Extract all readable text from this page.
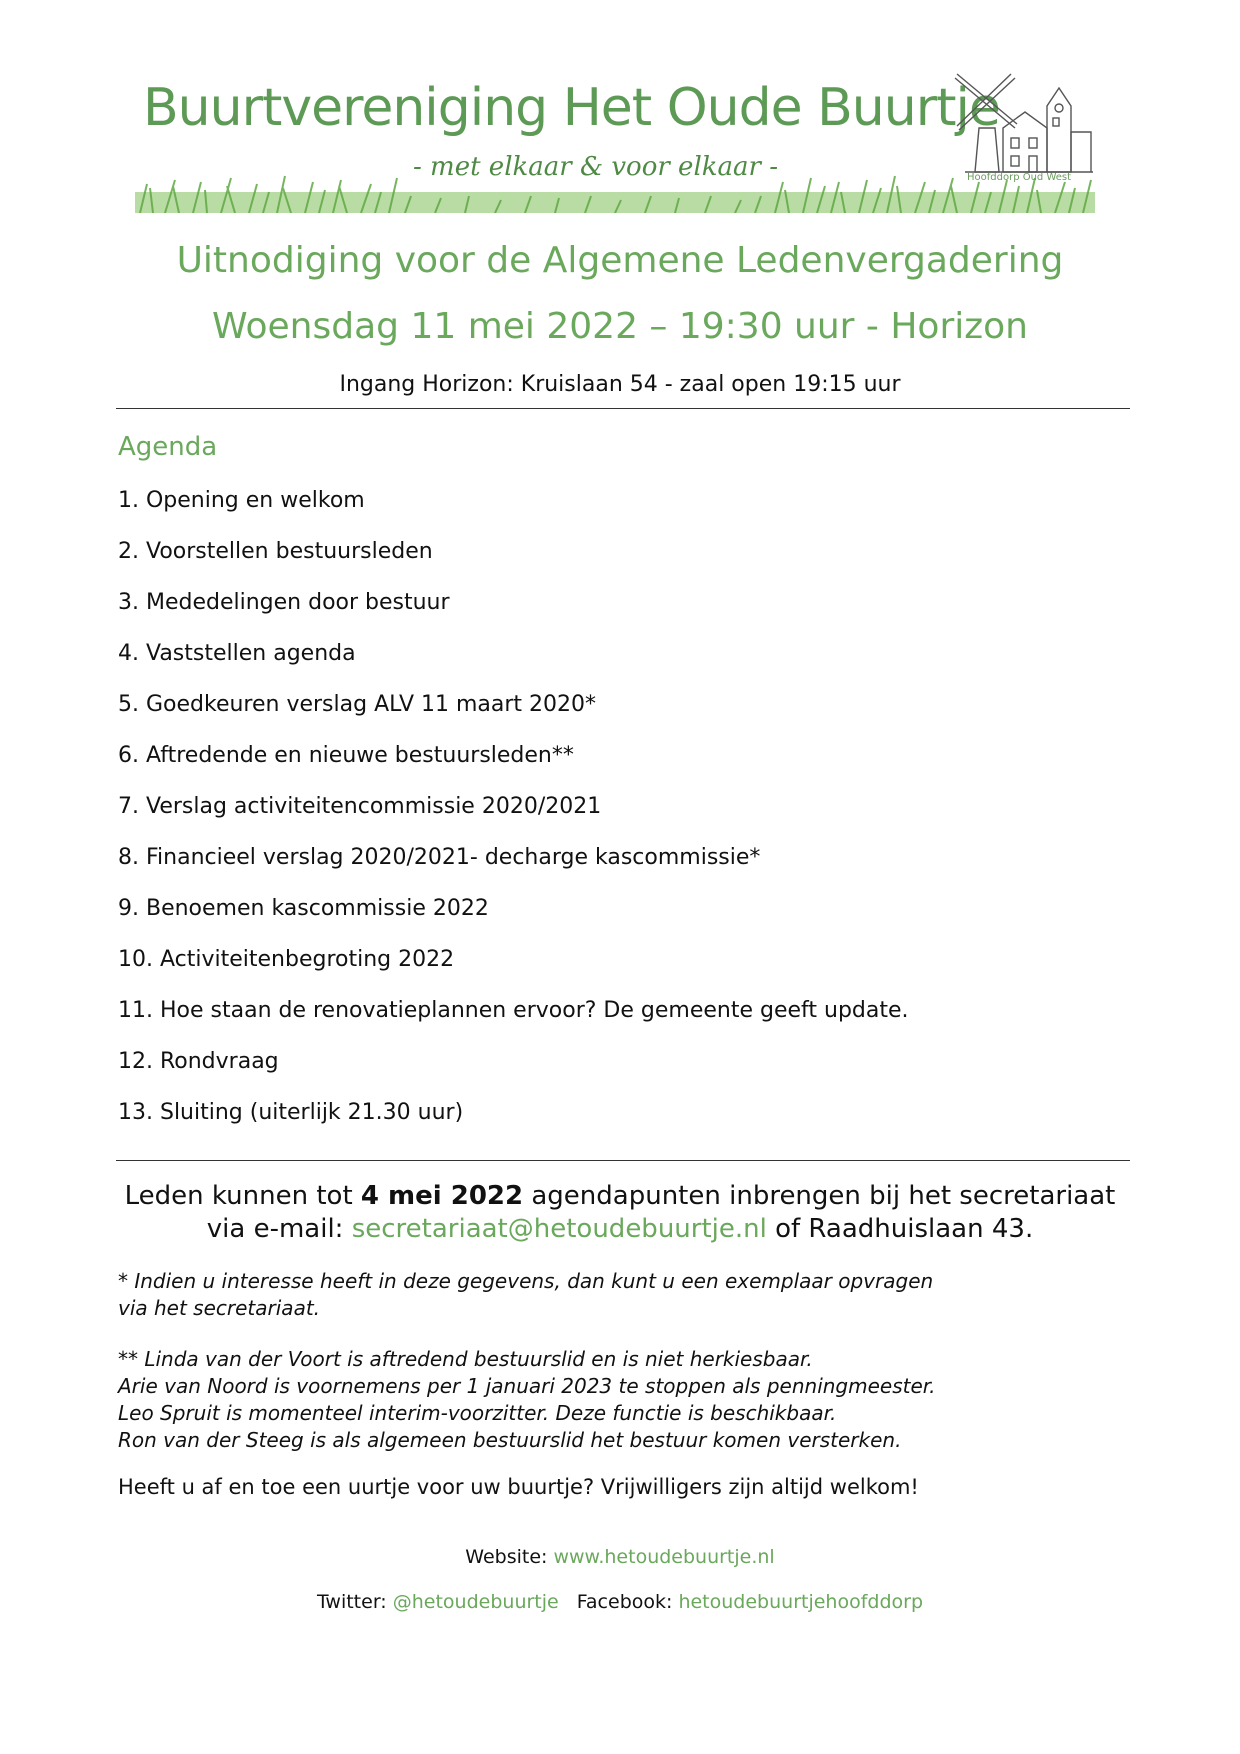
Buurtvereniging Het Oude Buurtje
- met elkaar & voor elkaar -	Hoofddorp Oud West
Uitnodiging voor de Algemene Ledenvergadering
Woensdag 11 mei 2022 – 19:30 uur - Horizon
Ingang Horizon: Kruislaan 54 - zaal open 19:15 uur
Agenda
1. Opening en welkom
2. Voorstellen bestuursleden
3. Mededelingen door bestuur
4. Vaststellen agenda
5. Goedkeuren verslag ALV 11 maart 2020*
6. Aftredende en nieuwe bestuursleden**
7. Verslag activiteitencommissie 2020/2021
8. Financieel verslag 2020/2021- decharge kascommissie*
9. Benoemen kascommissie 2022
10. Activiteitenbegroting 2022
11. Hoe staan de renovatieplannen ervoor? De gemeente geeft update.
12. Rondvraag
13. Sluiting (uiterlijk 21.30 uur)
Leden kunnen tot 4 mei 2022 agendapunten inbrengen bij het secretariaat
via e-mail: secretariaat@hetoudebuurtje.nl of Raadhuislaan 43.
* Indien u interesse heeft in deze gegevens, dan kunt u een exemplaar opvragen
via het secretariaat.
** Linda van der Voort is aftredend bestuurslid en is niet herkiesbaar.
Arie van Noord is voornemens per 1 januari 2023 te stoppen als penningmeester.
Leo Spruit is momenteel interim-voorzitter. Deze functie is beschikbaar.
Ron van der Steeg is als algemeen bestuurslid het bestuur komen versterken.
Heeft u af en toe een uurtje voor uw buurtje? Vrijwilligers zijn altijd welkom!
Website: www.hetoudebuurtje.nl
Twitter: @hetoudebuurtje Facebook: hetoudebuurtjehoofddorp
